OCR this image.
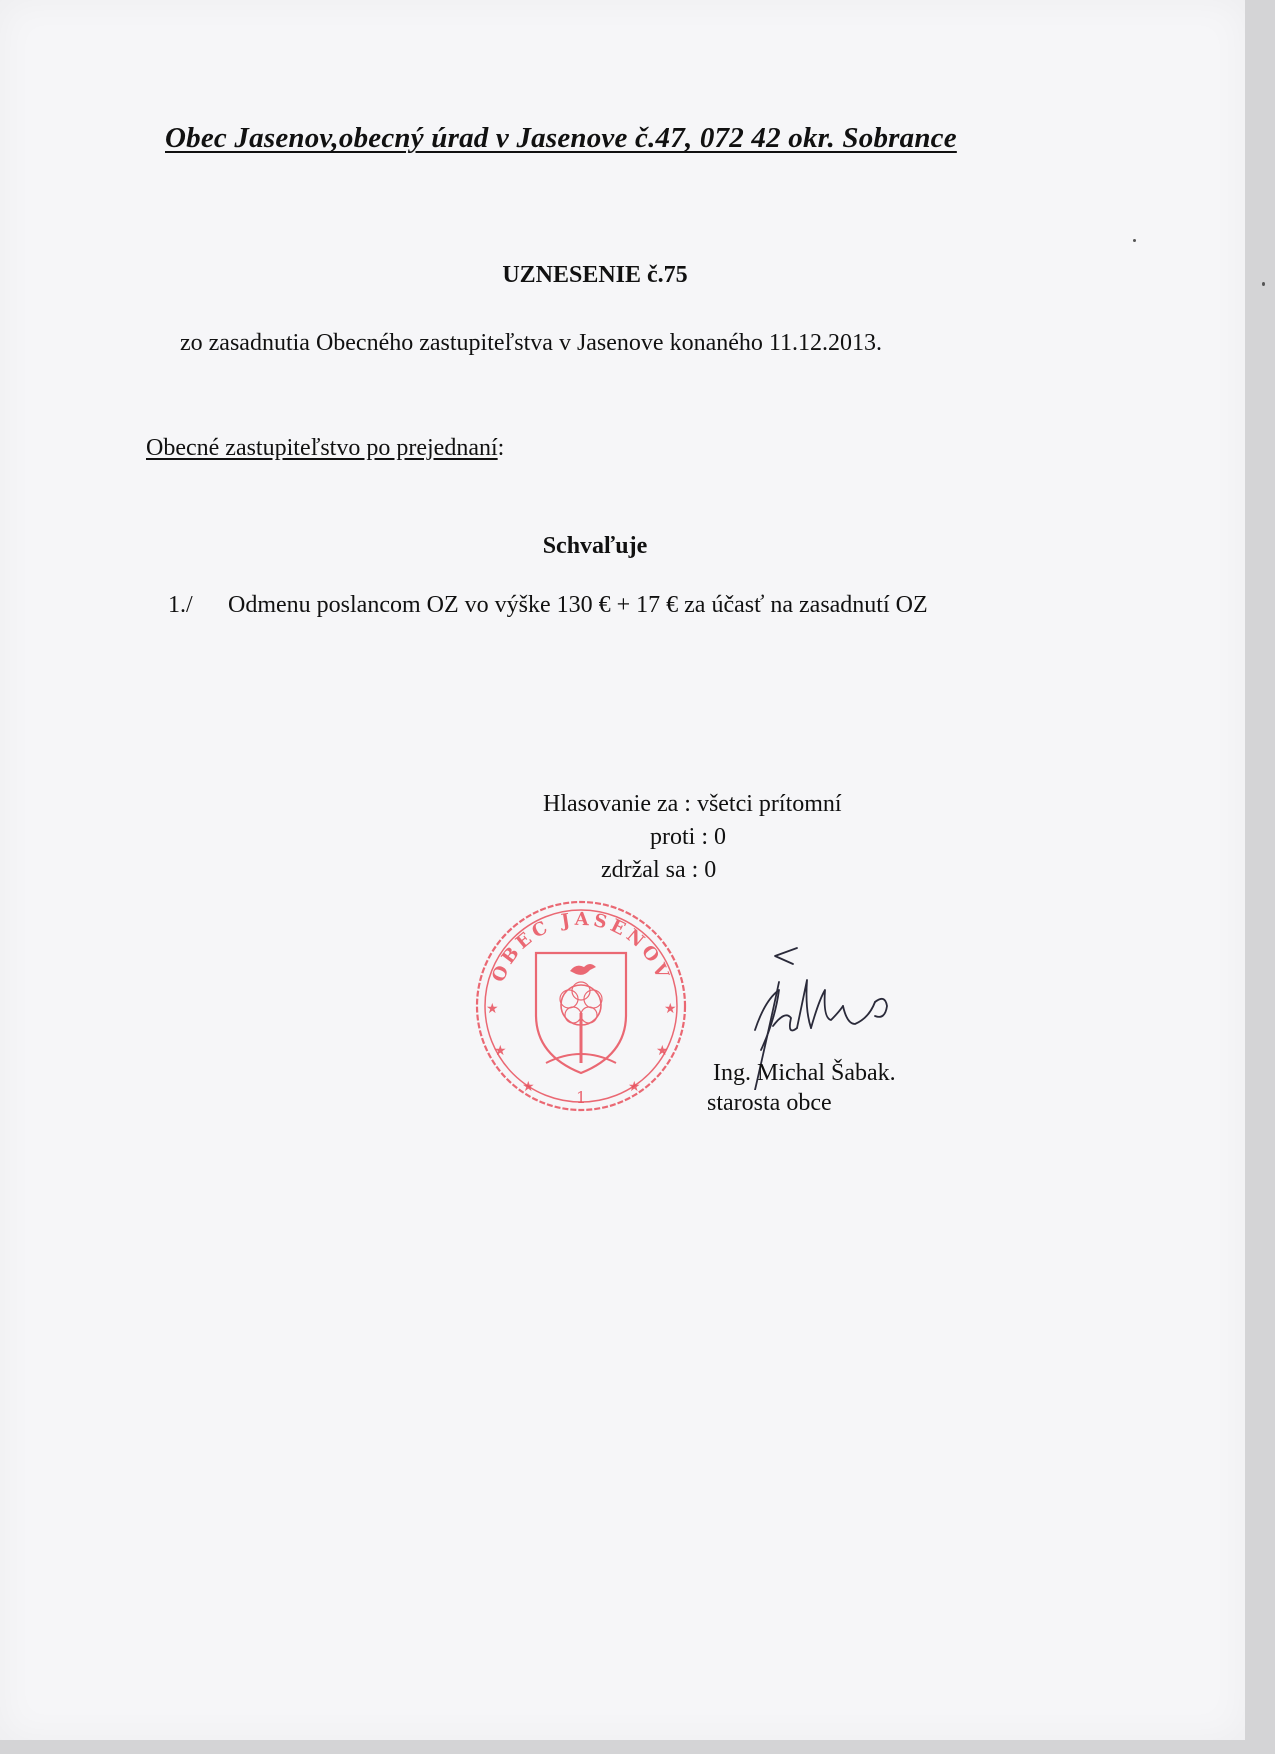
Obec Jasenov,obecný úrad v Jasenove č.47, 072 42 okr. Sobrance
UZNESENIE č.75
zo zasadnutia Obecného zastupiteľstva v Jasenove konaného 11.12.2013.
Obecné zastupiteľstvo po prejednaní:
Schvaľuje
1./ Odmenu poslancom OZ vo výške 130 € + 17 € za účasť na zasadnutí OZ
Hlasovanie za : všetci prítomní
proti : 0
zdržal sa : 0
OBEC JASENOV
★	★
★	★
★	★
1
Ing. Michal Šabak.
starosta obce
